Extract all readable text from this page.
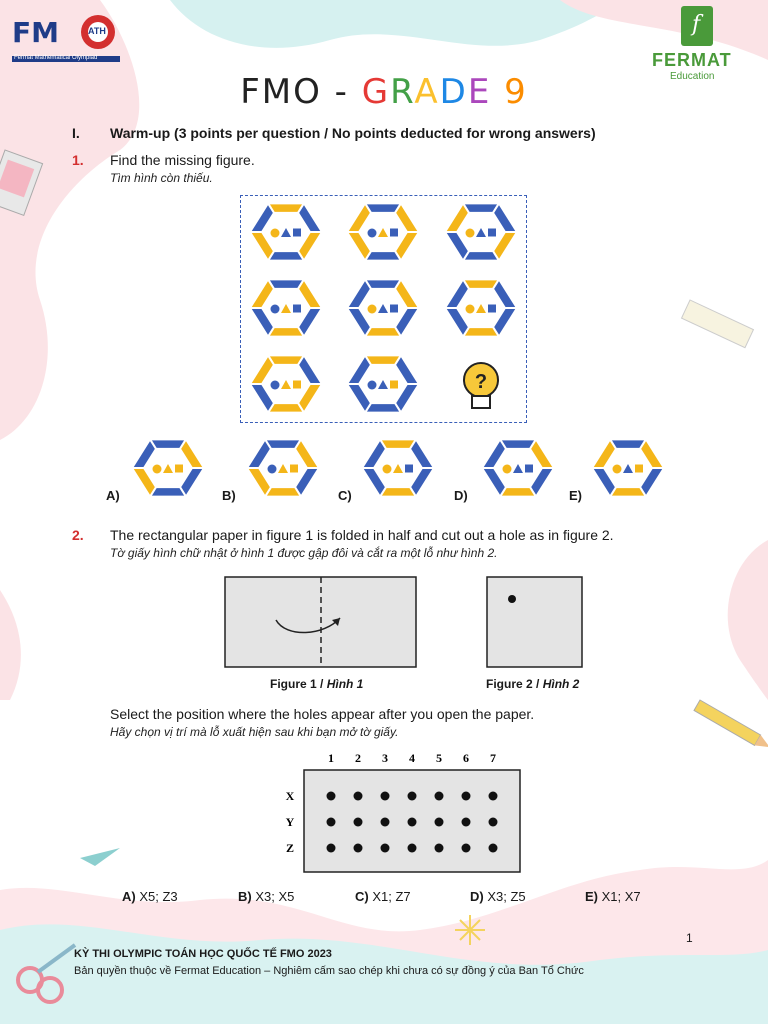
FM	ATH
Fermat Mathematical Olympiad
f
FERMAT
Education
FMO - GRADE 9
I. Warm-up (3 points per question / No points deducted for wrong answers)
1. Find the missing figure.
Tìm hình còn thiếu.
?
A)	B)	C)	D)	E)
2. The rectangular paper in figure 1 is folded in half and cut out a hole as in figure 2.
Tờ giấy hình chữ nhật ở hình 1 được gập đôi và cắt ra một lỗ như hình 2.
Figure 1 / Hình 1	Figure 2 / Hình 2
Select the position where the holes appear after you open the paper.
Hãy chọn vị trí mà lỗ xuất hiện sau khi bạn mở tờ giấy.
1 2 3 4 5 6 7
X
Y
Z
A) X5; Z3	B) X3; X5	C) X1; Z7	D) X3; Z5	E) X1; X7
1
KỲ THI OLYMPIC TOÁN HỌC QUỐC TẾ FMO 2023
Bản quyền thuộc về Fermat Education – Nghiêm cấm sao chép khi chưa có sự đồng ý của Ban Tổ Chức
